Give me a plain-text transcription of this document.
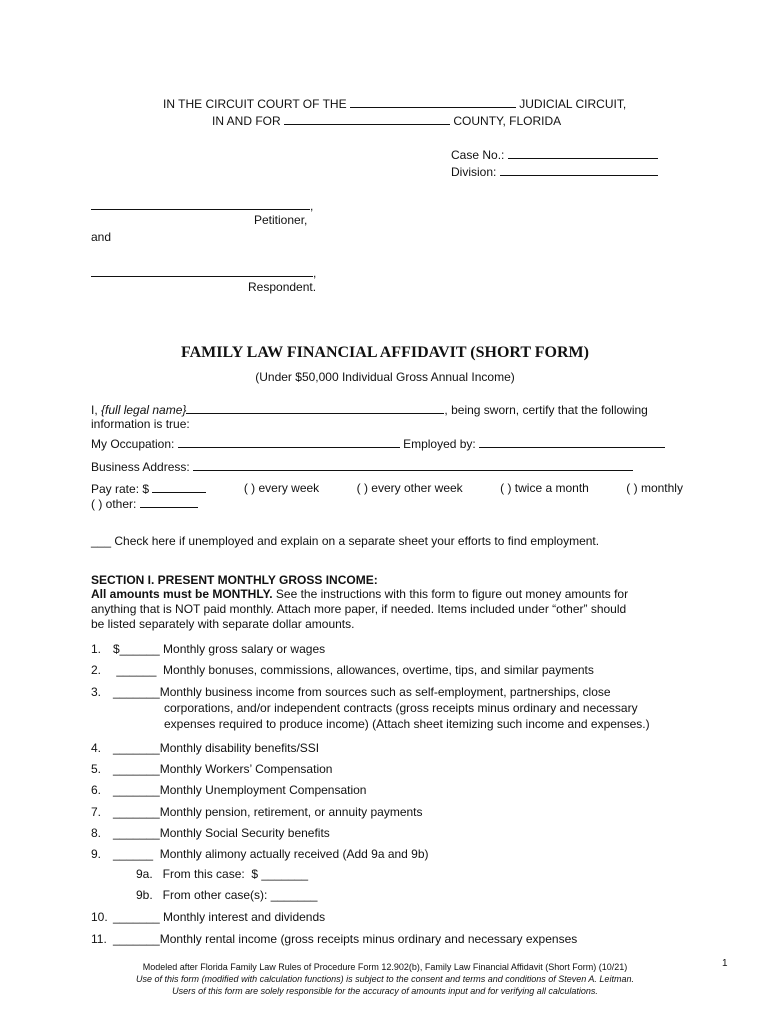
IN THE CIRCUIT COURT OF THE	JUDICIAL CIRCUIT,
IN AND FOR	COUNTY, FLORIDA
Case No.:
Division:
,
Petitioner,
and
,
Respondent.
FAMILY LAW FINANCIAL AFFIDAVIT (SHORT FORM)
(Under $50,000 Individual Gross Annual Income)
I, {full legal name}	, being sworn, certify that the following
information is true:
My Occupation:	Employed by:
Business Address:
Pay rate: $	( ) every week	( ) every other week	( ) twice a month	( ) monthly
( ) other:
___ Check here if unemployed and explain on a separate sheet your efforts to find employment.
SECTION I. PRESENT MONTHLY GROSS INCOME:
All amounts must be MONTHLY. See the instructions with this form to figure out money amounts for
anything that is NOT paid monthly. Attach more paper, if needed. Items included under “other” should
be listed separately with separate dollar amounts.
1. $______ Monthly gross salary or wages
2. ______  Monthly bonuses, commissions, allowances, overtime, tips, and similar payments
3. _______Monthly business income from sources such as self-employment, partnerships, close
corporations, and/or independent contracts (gross receipts minus ordinary and necessary
expenses required to produce income) (Attach sheet itemizing such income and expenses.)
4. _______Monthly disability benefits/SSI
5. _______Monthly Workers’ Compensation
6. _______Monthly Unemployment Compensation
7. _______Monthly pension, retirement, or annuity payments
8. _______Monthly Social Security benefits
9. ______  Monthly alimony actually received (Add 9a and 9b)
9a.   From this case:  $ _______
9b.   From other case(s): _______
10. _______ Monthly interest and dividends
11. _______Monthly rental income (gross receipts minus ordinary and necessary expenses
Modeled after Florida Family Law Rules of Procedure Form 12.902(b), Family Law Financial Affidavit (Short Form) (10/21)
Use of this form (modified with calculation functions) is subject to the consent and terms and conditions of Steven A. Leitman.
Users of this form are solely responsible for the accuracy of amounts input and for verifying all calculations.
1
